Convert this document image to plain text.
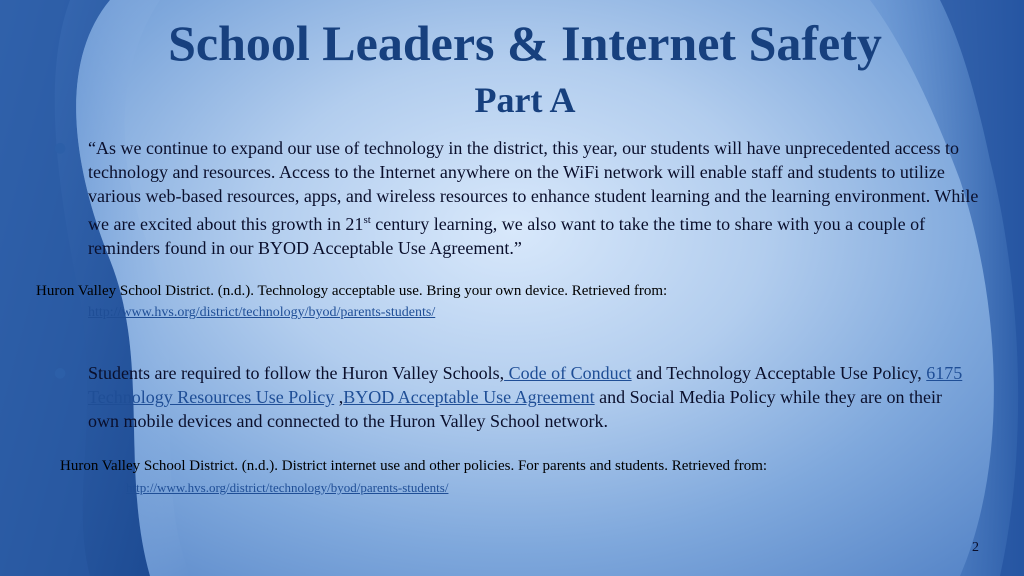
School Leaders & Internet Safety
Part A
● “As we continue to expand our use of technology in the district, this year, our students will have unprecedented access to technology and resources. Access to the Internet anywhere on the WiFi network will enable staff and students to utilize various web-based resources, apps, and wireless resources to enhance student learning and the learning environment. While we are excited about this growth in 21st century learning, we also want to take the time to share with you a couple of reminders found in our BYOD Acceptable Use Agreement.”
Huron Valley School District. (n.d.). Technology acceptable use. Bring your own device. Retrieved from:
http://www.hvs.org/district/technology/byod/parents-students/
● Students are required to follow the Huron Valley Schools, Code of Conduct and Technology Acceptable Use Policy, 6175 Technology Resources Use Policy ,BYOD Acceptable Use Agreement and Social Media Policy while they are on their own mobile devices and connected to the Huron Valley School network.
Huron Valley School District. (n.d.). District internet use and other policies. For parents and students. Retrieved from:
http://www.hvs.org/district/technology/byod/parents-students/
2
